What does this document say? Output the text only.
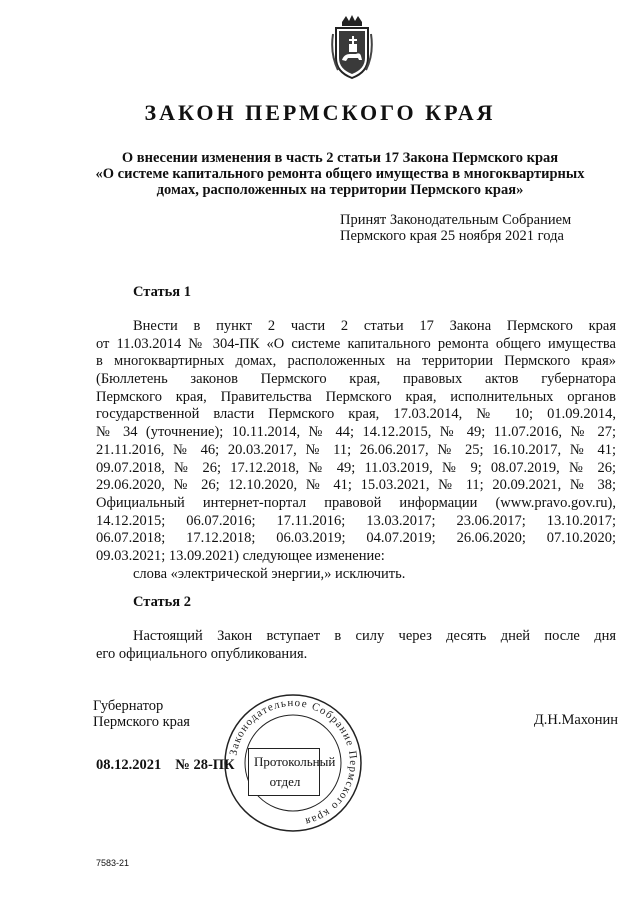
ЗАКОН ПЕРМСКОГО КРАЯ
О внесении изменения в часть 2 статьи 17 Закона Пермского края
«О системе капитального ремонта общего имущества в многоквартирных
домах, расположенных на территории Пермского края»
Принят Законодательным Собранием
Пермского края 25 ноября 2021 года
Статья 1
Внести в пункт 2 части 2 статьи 17 Закона Пермского края
от 11.03.2014 № 304-ПК «О системе капитального ремонта общего имущества
в многоквартирных домах, расположенных на территории Пермского края»
(Бюллетень законов Пермского края, правовых актов губернатора
Пермского края, Правительства Пермского края, исполнительных органов
государственной власти Пермского края, 17.03.2014, № 10; 01.09.2014,
№ 34 (уточнение); 10.11.2014, № 44; 14.12.2015, № 49; 11.07.2016, № 27;
21.11.2016, № 46; 20.03.2017, № 11; 26.06.2017, № 25; 16.10.2017, № 41;
09.07.2018, № 26; 17.12.2018, № 49; 11.03.2019, № 9; 08.07.2019, № 26;
29.06.2020, № 26; 12.10.2020, № 41; 15.03.2021, № 11; 20.09.2021, № 38;
Официальный интернет-портал правовой информации (www.pravo.gov.ru),
14.12.2015; 06.07.2016; 17.11.2016; 13.03.2017; 23.06.2017; 13.10.2017;
06.07.2018; 17.12.2018; 06.03.2019; 04.07.2019; 26.06.2020; 07.10.2020;
09.03.2021; 13.09.2021) следующее изменение:
слова «электрической энергии,» исключить.
Статья 2
Настоящий Закон вступает в силу через десять дней после дня
его официального опубликования.
Губернатор
Пермского края	Д.Н.Махонин
08.12.2021 № 28-ПК
Законодательное Собрание Пермского края
Протокольный
отдел
7583-21
